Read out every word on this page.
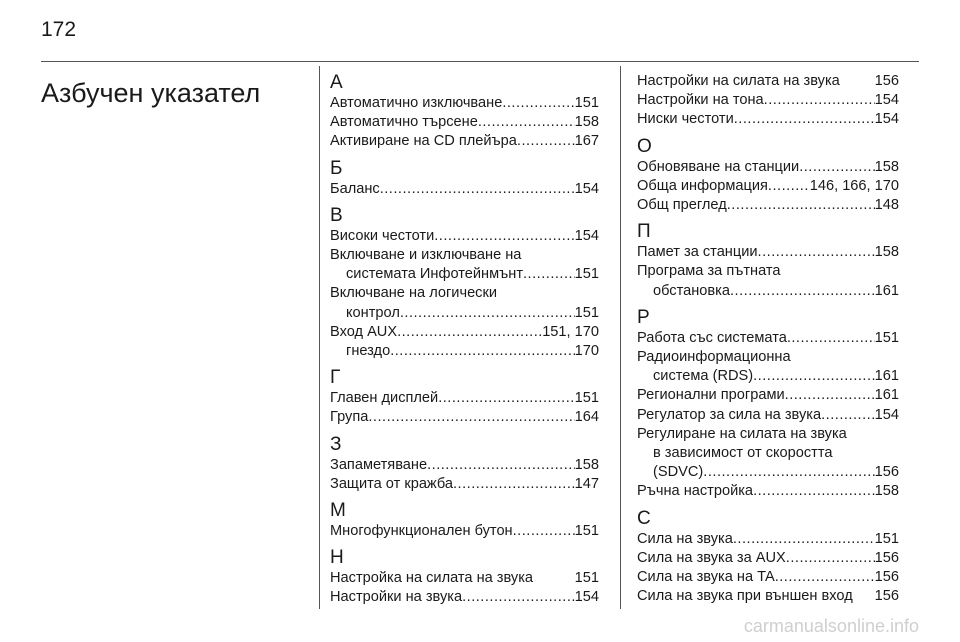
172
Азбучен указател	А
Автоматично изключване .....	151
Автоматично търсене .....	158
Активиране на CD плейъра .....	167
Б
Баланс .....	154
В
Високи честоти .....	154
Включване и изключване на
системата Инфотейнмънт .....	151
Включване на логически
контрол .....	151
Вход AUX .....	151, 170
гнездо .....	170
Г
Главен дисплей .....	151
Група .....	164
З
Запаметяване .....	158
Защита от кражба .....	147
М
Многофункционален бутон .....	151
Н
Настройка на силата на звука	151
Настройки на звука .....	154
Настройки на силата на звука 156
Настройки на тона .....	154
Ниски честоти .....	154
О
Обновяване на станции .....	158
Обща информация .....	146, 166, 170
Общ преглед .....	148
П
Памет за станции .....	158
Програма за пътната
обстановка .....	161
Р
Работа със системата .....	151
Радиоинформационна
система (RDS) .....	161
Регионални програми .....	161
Регулатор за сила на звука .....	154
Регулиране на силата на звука
в зависимост от скоростта
(SDVC) .....	156
Ръчна настройка .....	158
С
Сила на звука .....	151
Сила на звука за AUX .....	156
Сила на звука на TA .....	156
Сила на звука при външен вход 156
carmanualsonline.info
